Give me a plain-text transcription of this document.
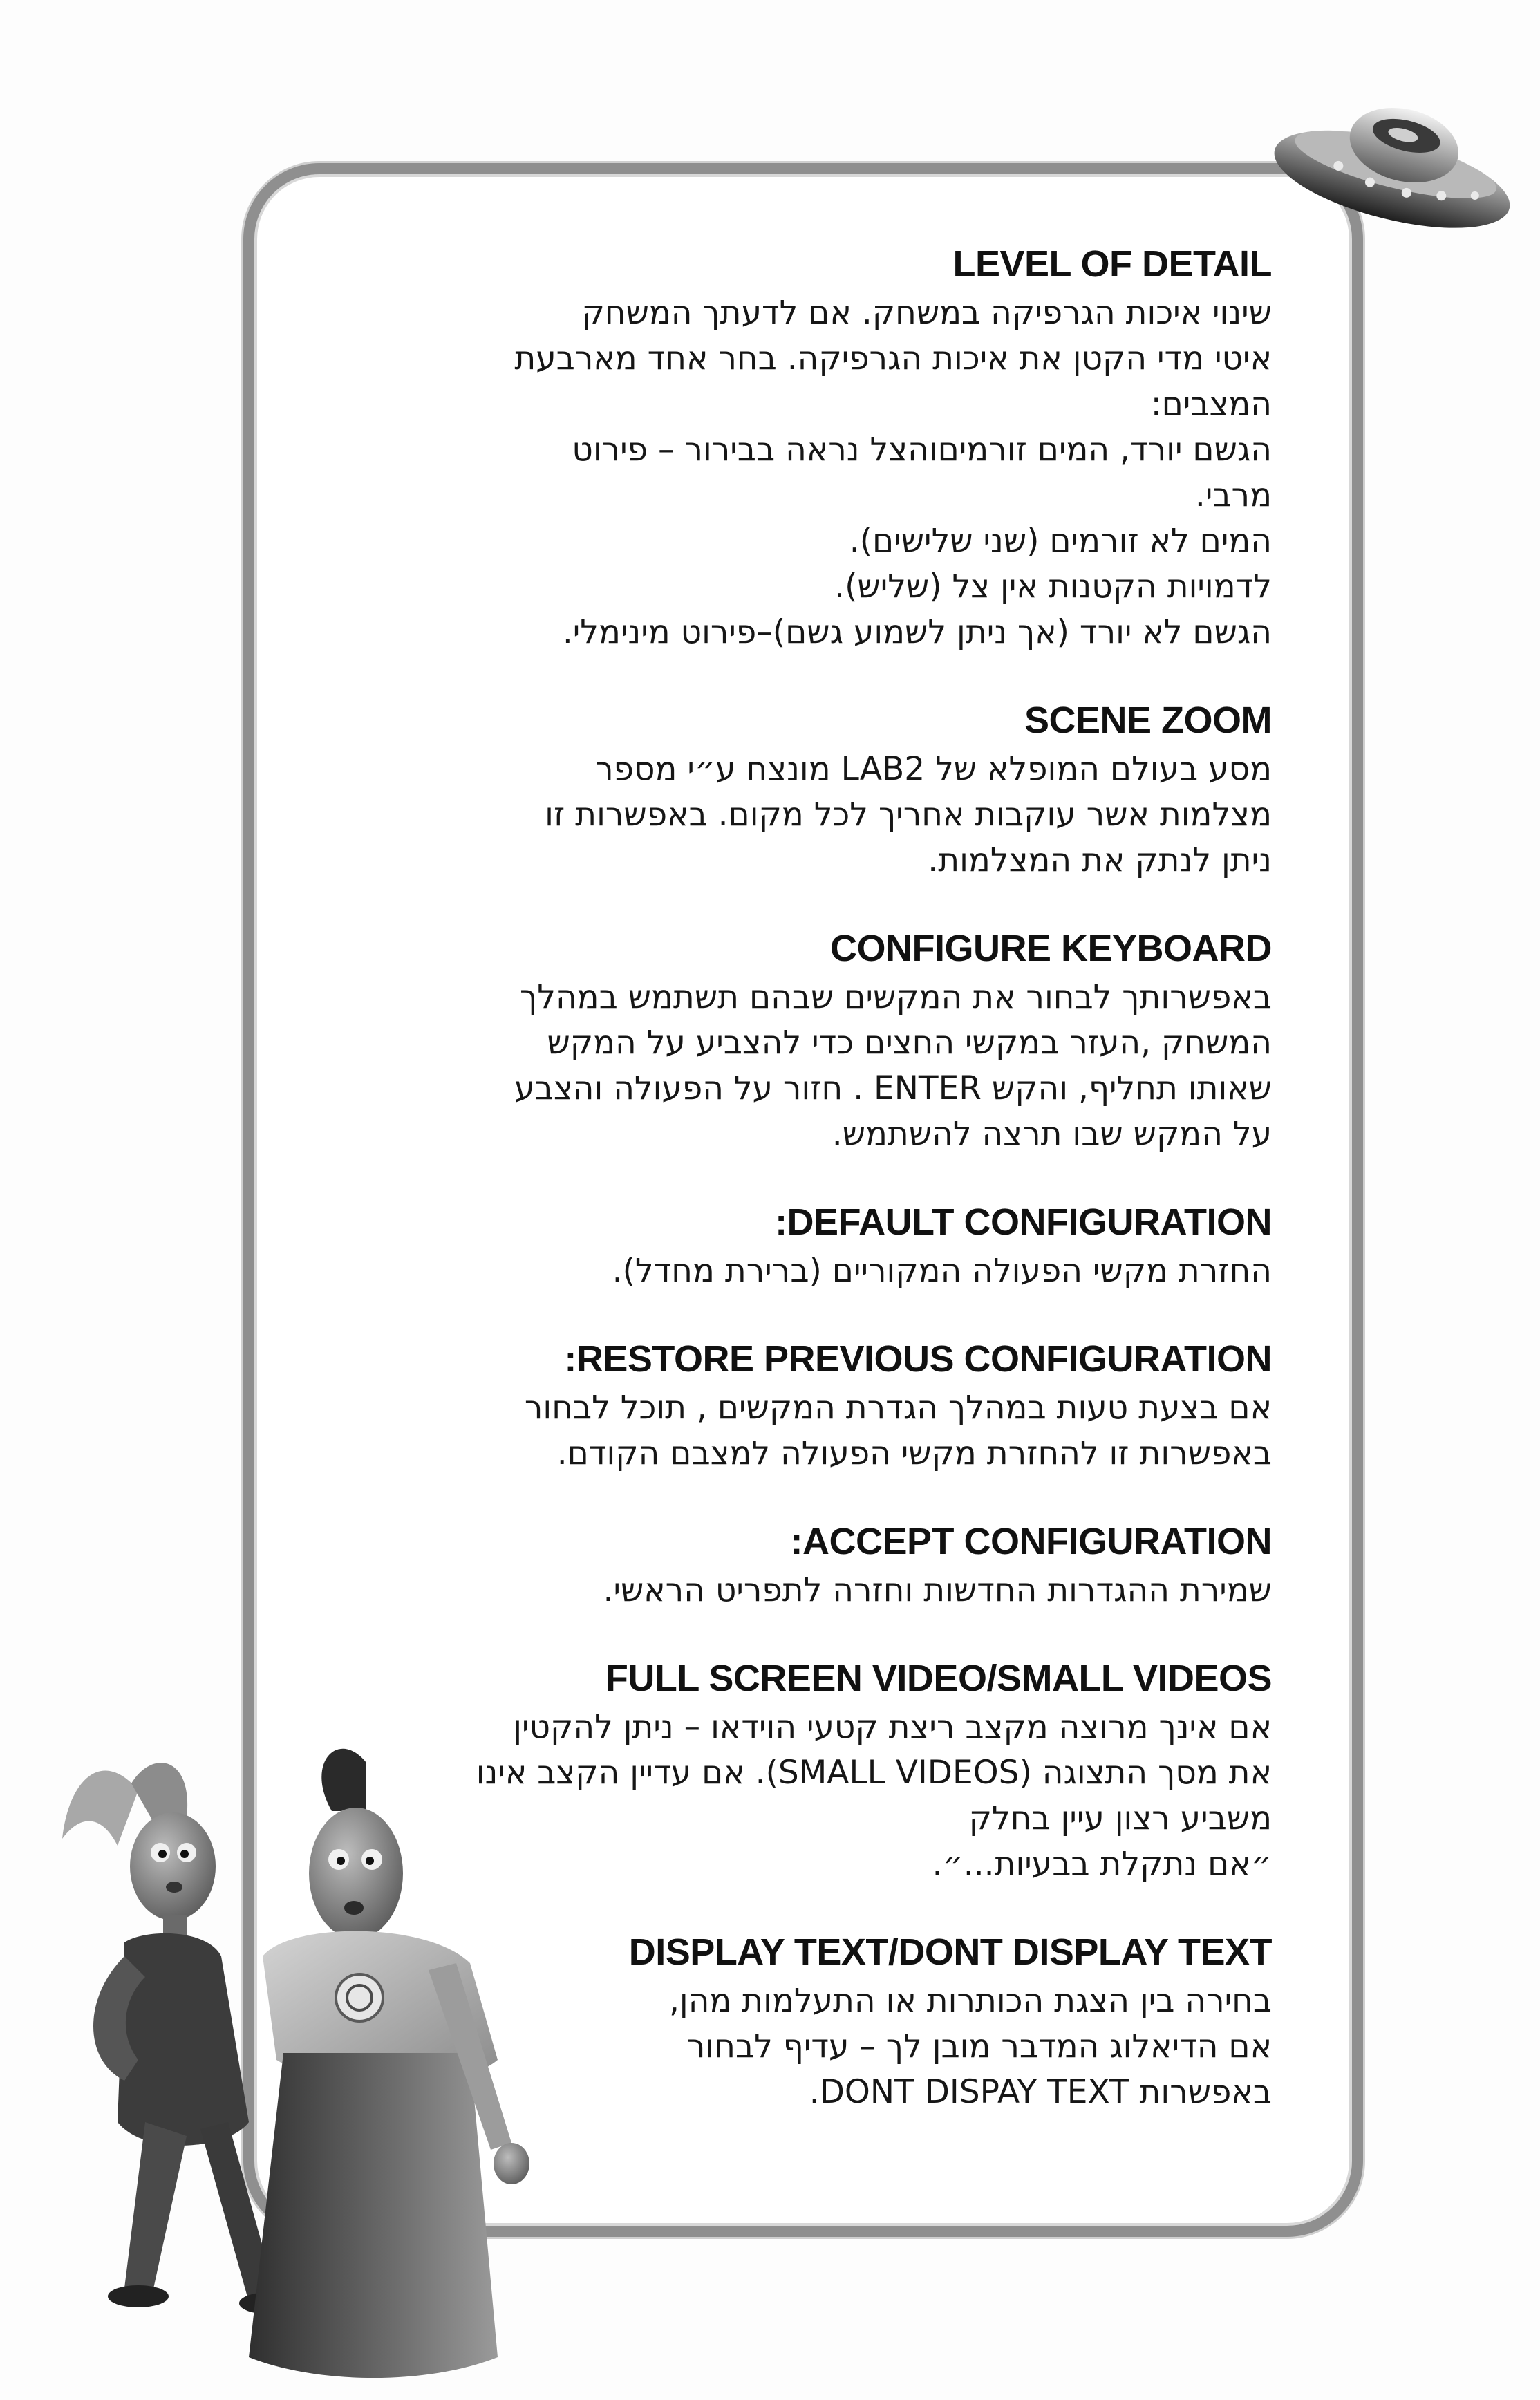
LEVEL OF DETAIL

שינוי איכות הגרפיקה במשחק. אם לדעתך המשחק

איטי מדי הקטן את איכות הגרפיקה. בחר אחד מארבעת

המצבים:

הגשם יורד, המים זורמיםוהצל נראה בבירור – פירוט

מרבי.

המים לא זורמים (שני שלישים).

לדמויות הקטנות אין צל (שליש).

הגשם לא יורד (אך ניתן לשמוע גשם)–פירוט מינימלי.

SCENE ZOOM

מסע בעולם המופלא של LAB2 מונצח ע״י מספר

מצלמות אשר עוקבות אחריך לכל מקום. באפשרות זו

ניתן לנתק את המצלמות.

CONFIGURE KEYBOARD

באפשרותך לבחור את המקשים שבהם תשתמש במהלך

המשחק ,העזר במקשי החצים כדי להצביע על המקש

שאותו תחליף, והקש ENTER . חזור על הפעולה והצבע

על המקש שבו תרצה להשתמש.

:DEFAULT CONFIGURATION

החזרת מקשי הפעולה המקוריים (ברירת מחדל).

:RESTORE PREVIOUS CONFIGURATION

אם בצעת טעות במהלך הגדרת המקשים , תוכל לבחור

באפשרות זו להחזרת מקשי הפעולה למצבם הקודם.

:ACCEPT CONFIGURATION

שמירת ההגדרות החדשות וחזרה לתפריט הראשי.

FULL SCREEN VIDEO/SMALL VIDEOS

אם אינך מרוצה מקצב ריצת קטעי הוידאו – ניתן להקטין

את מסך התצוגה (SMALL VIDEOS). אם עדיין הקצב אינו

משביע רצון עיין בחלק

״אם נתקלת בבעיות...״.

DISPLAY TEXT/DONT DISPLAY TEXT

בחירה בין הצגת הכותרות או התעלמות מהן,

אם הדיאלוג המדבר מובן לך – עדיף לבחור

באפשרות DONT DISPAY TEXT.
